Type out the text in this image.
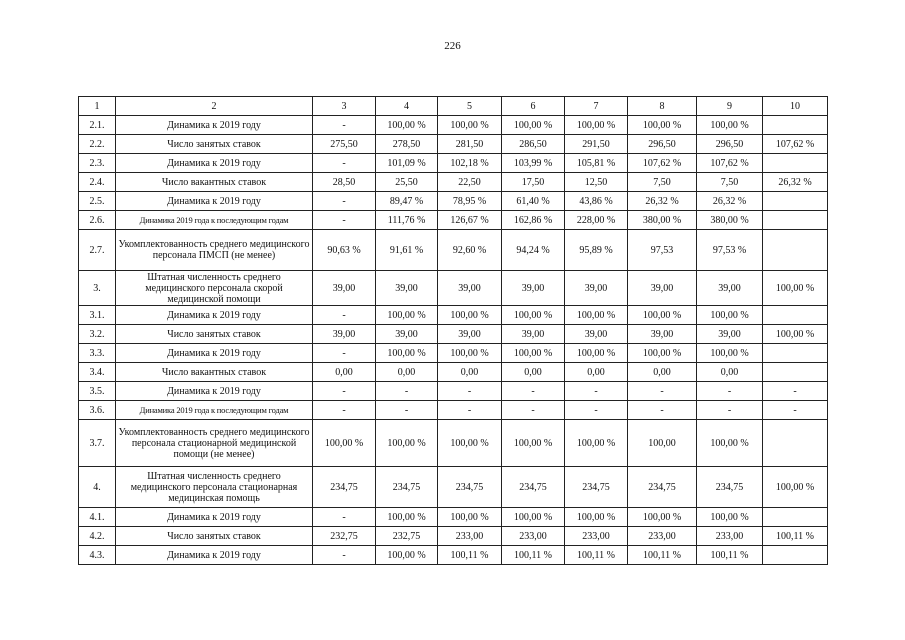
226
1	2	3	4	5	6	7	8	9	10
2.1.	Динамика к 2019 году	-	100,00 %	100,00 %	100,00 %	100,00 %	100,00 %	100,00 %	
2.2.	Число занятых ставок	275,50	278,50	281,50	286,50	291,50	296,50	296,50	107,62 %
2.3.	Динамика к 2019 году	-	101,09 %	102,18 %	103,99 %	105,81 %	107,62 %	107,62 %	
2.4.	Число вакантных ставок	28,50	25,50	22,50	17,50	12,50	7,50	7,50	26,32 %
2.5.	Динамика к 2019 году	-	89,47 %	78,95 %	61,40 %	43,86 %	26,32 %	26,32 %	
2.6.	Динамика 2019 года к последующим годам	-	111,76 %	126,67 %	162,86 %	228,00 %	380,00 %	380,00 %	
2.7.	Укомплектованность среднего медицинского персонала ПМСП (не менее)	90,63 %	91,61 %	92,60 %	94,24 %	95,89 %	97,53	97,53 %	
3.	Штатная численность среднего медицинского персонала скорой медицинской помощи	39,00	39,00	39,00	39,00	39,00	39,00	39,00	100,00 %
3.1.	Динамика к 2019 году	-	100,00 %	100,00 %	100,00 %	100,00 %	100,00 %	100,00 %	
3.2.	Число занятых ставок	39,00	39,00	39,00	39,00	39,00	39,00	39,00	100,00 %
3.3.	Динамика к 2019 году	-	100,00 %	100,00 %	100,00 %	100,00 %	100,00 %	100,00 %	
3.4.	Число вакантных ставок	0,00	0,00	0,00	0,00	0,00	0,00	0,00	
3.5.	Динамика к 2019 году	-	-	-	-	-	-	-	-
3.6.	Динамика 2019 года к последующим годам	-	-	-	-	-	-	-	-
3.7.	Укомплектованность среднего медицинского персонала стационарной медицинской помощи (не менее)	100,00 %	100,00 %	100,00 %	100,00 %	100,00 %	100,00	100,00 %	
4.	Штатная численность среднего медицинского персонала стационарная медицинская помощь	234,75	234,75	234,75	234,75	234,75	234,75	234,75	100,00 %
4.1.	Динамика к 2019 году	-	100,00 %	100,00 %	100,00 %	100,00 %	100,00 %	100,00 %	
4.2.	Число занятых ставок	232,75	232,75	233,00	233,00	233,00	233,00	233,00	100,11 %
4.3.	Динамика к 2019 году	-	100,00 %	100,11 %	100,11 %	100,11 %	100,11 %	100,11 %	
